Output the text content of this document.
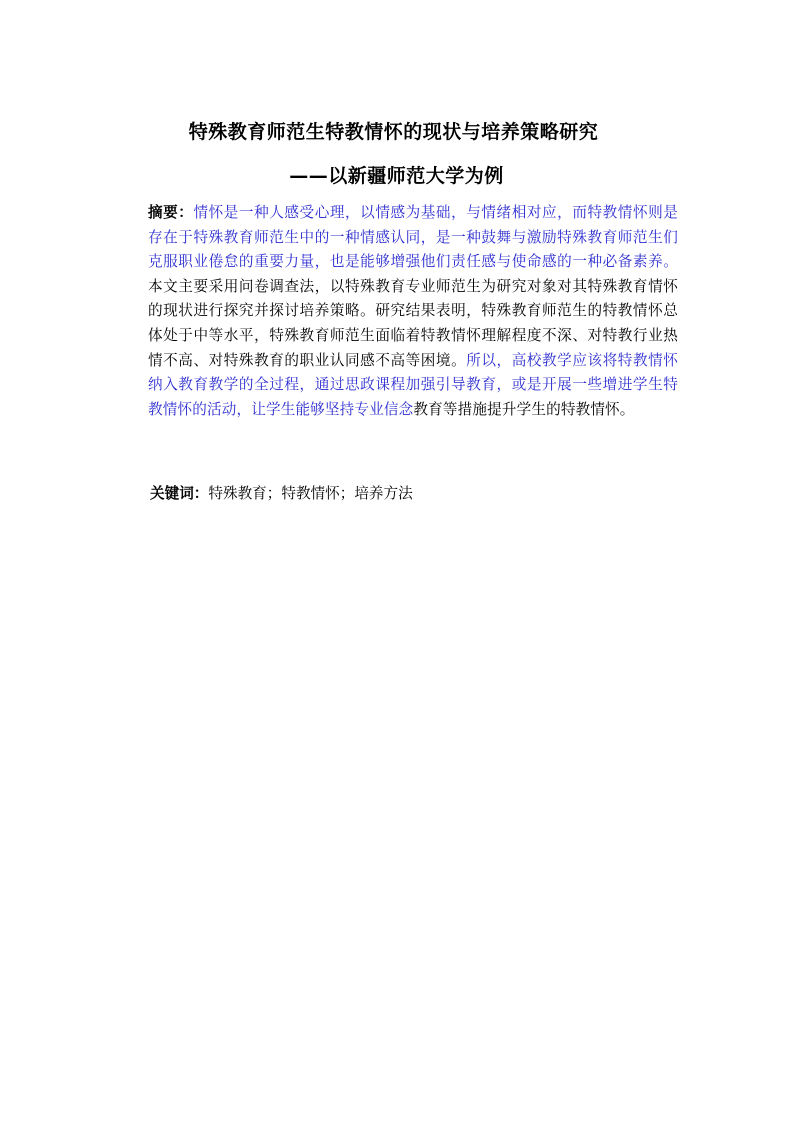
特殊教育师范生特教情怀的现状与培养策略研究
——以新疆师范大学为例

摘要：情怀是一种人感受心理，以情感为基础，与情绪相对应，而特教情怀则是存在于特殊教育师范生中的一种情感认同，是一种鼓舞与激励特殊教育师范生们克服职业倦怠的重要力量，也是能够增强他们责任感与使命感的一种必备素养。本文主要采用问卷调查法，以特殊教育专业师范生为研究对象对其特殊教育情怀的现状进行探究并探讨培养策略。研究结果表明，特殊教育师范生的特教情怀总体处于中等水平，特殊教育师范生面临着特教情怀理解程度不深、对特教行业热情不高、对特殊教育的职业认同感不高等困境。所以，高校教学应该将特教情怀纳入教育教学的全过程，通过思政课程加强引导教育，或是开展一些增进学生特教情怀的活动，让学生能够坚持专业信念教育等措施提升学生的特教情怀。

关键词：特殊教育；特教情怀；培养方法
